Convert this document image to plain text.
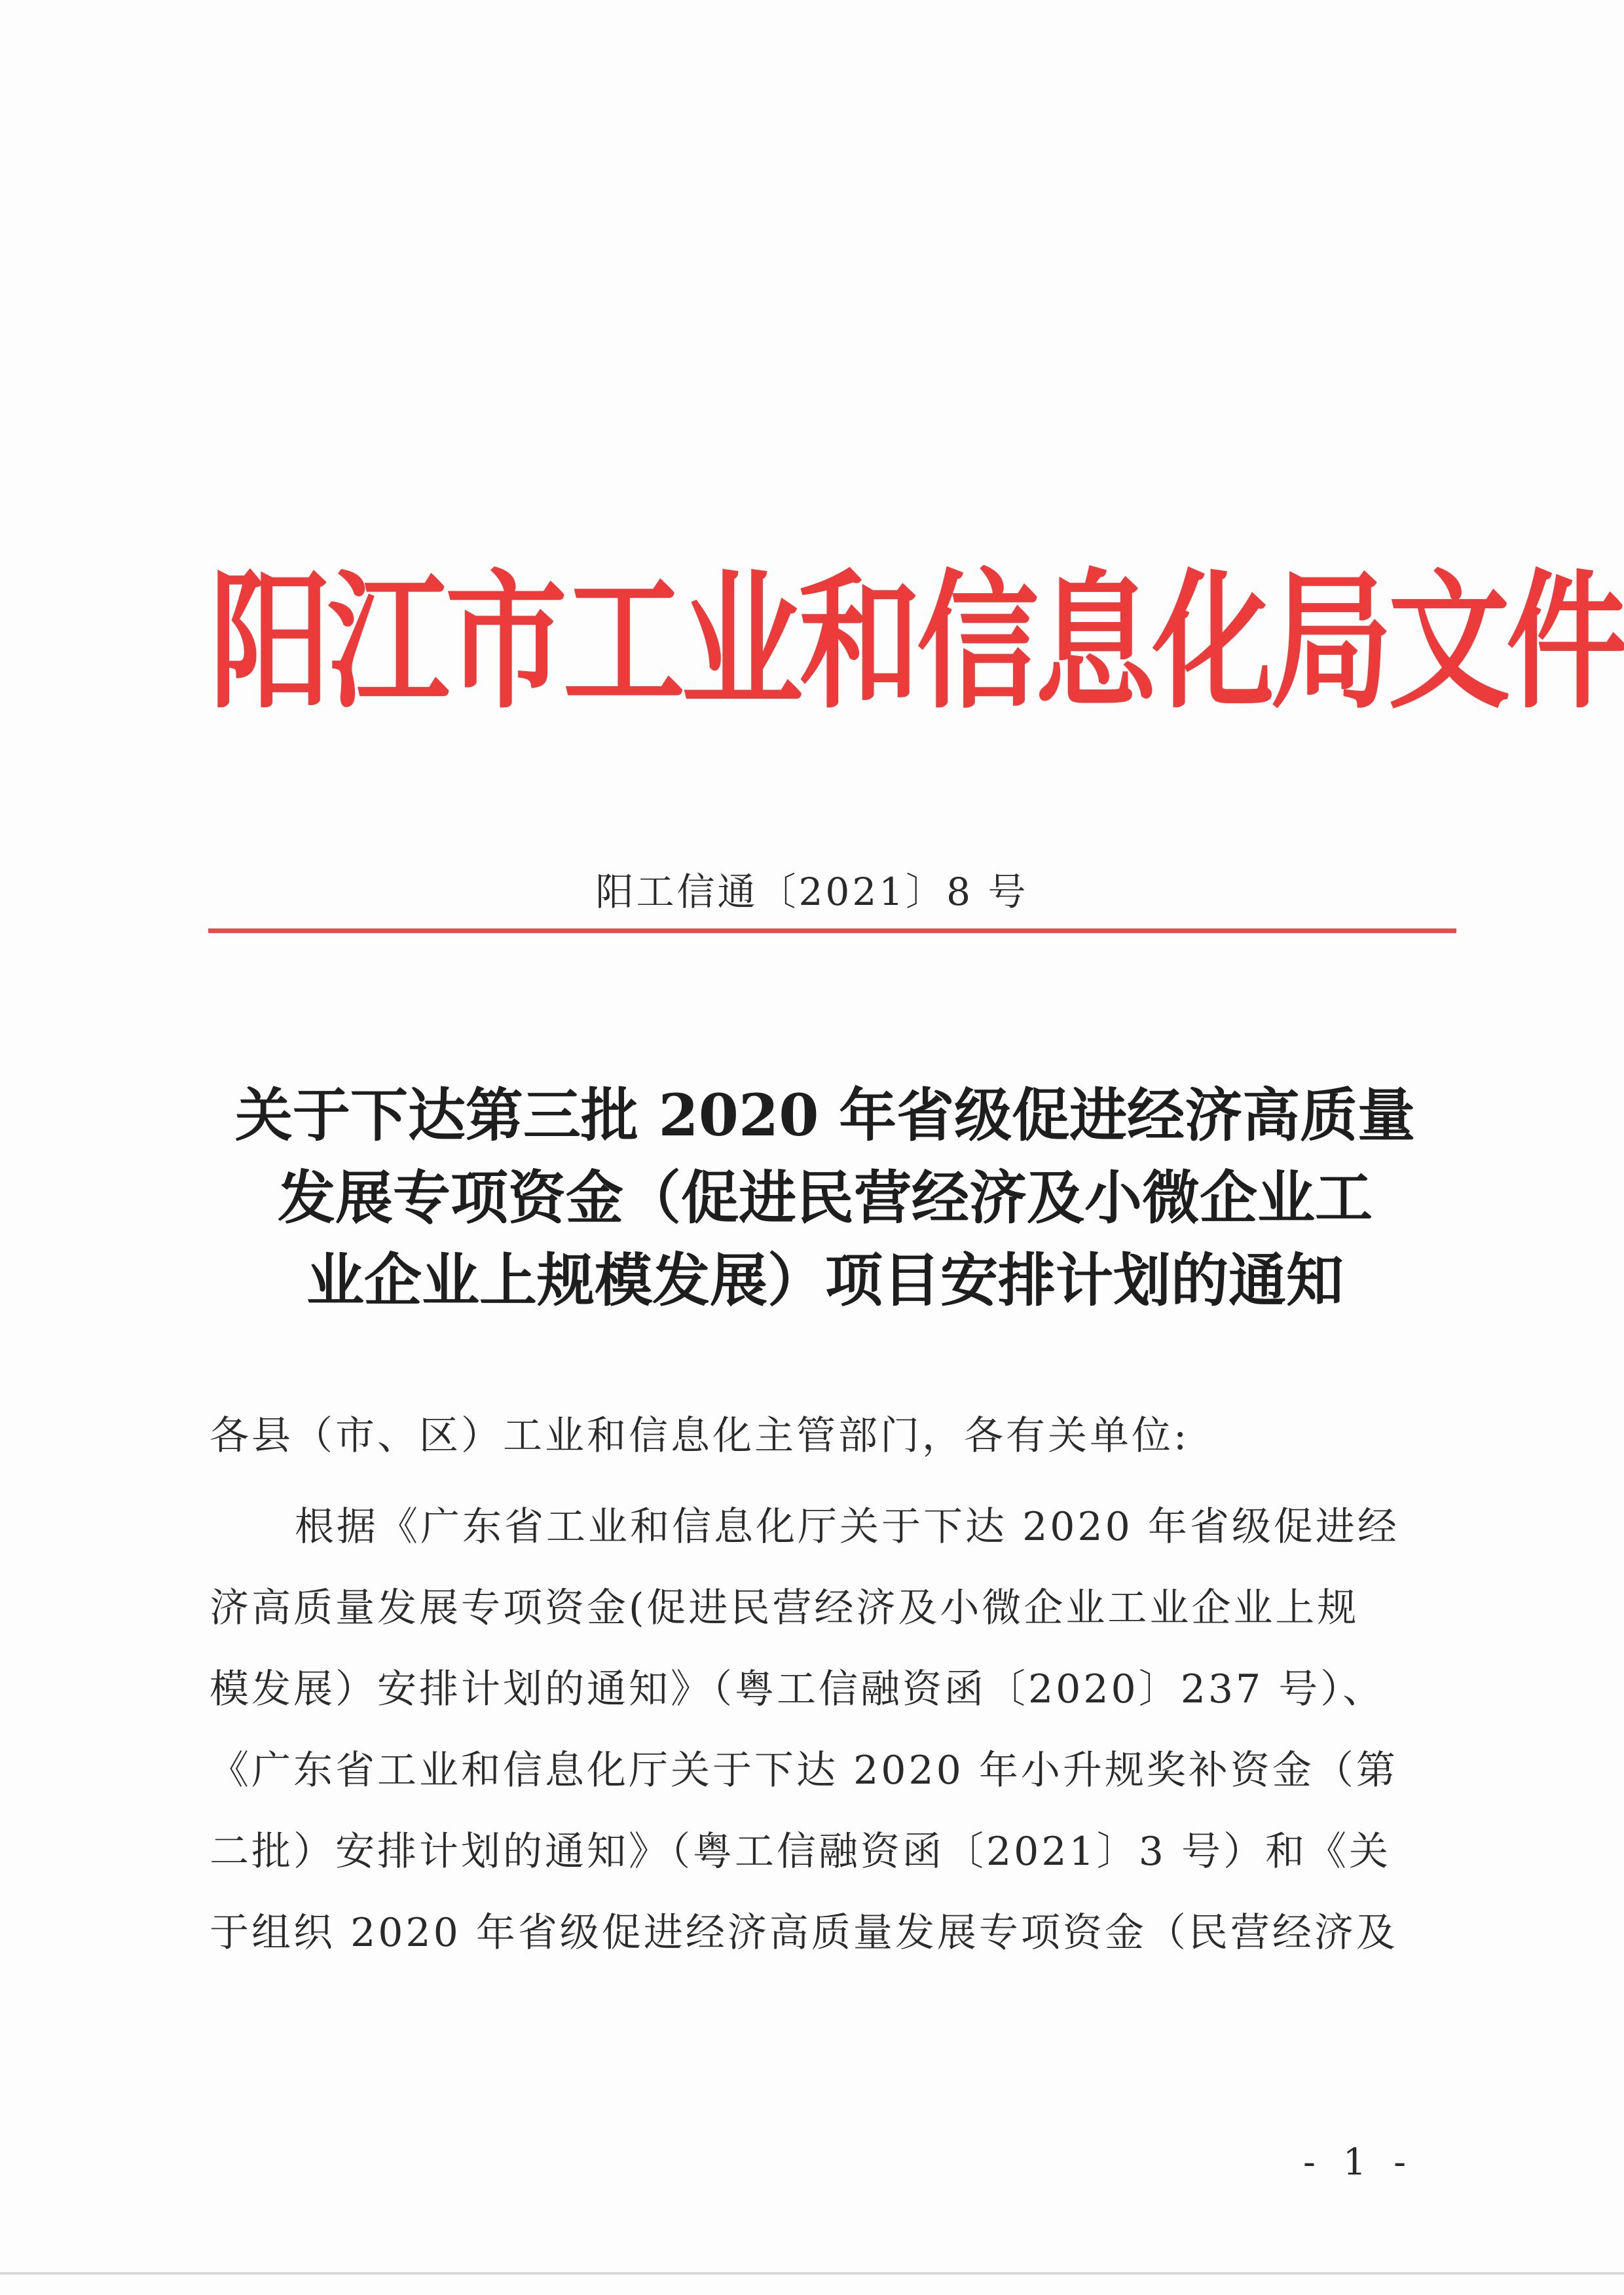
阳江市工业和信息化局文件
阳工信通〔2021〕8 号
关于下达第三批 2020 年省级促进经济高质量
发展专项资金（促进民营经济及小微企业工
业企业上规模发展）项目安排计划的通知
各县（市、区）工业和信息化主管部门，各有关单位:
根据《广东省工业和信息化厅关于下达 2020 年省级促进经
济高质量发展专项资金(促进民营经济及小微企业工业企业上规
模发展）安排计划的通知》（粤工信融资函〔2020〕237 号）、
《广东省工业和信息化厅关于下达 2020 年小升规奖补资金（第
二批）安排计划的通知》（粤工信融资函〔2021〕3 号）和《关
于组织 2020 年省级促进经济高质量发展专项资金（民营经济及
- 1 -
